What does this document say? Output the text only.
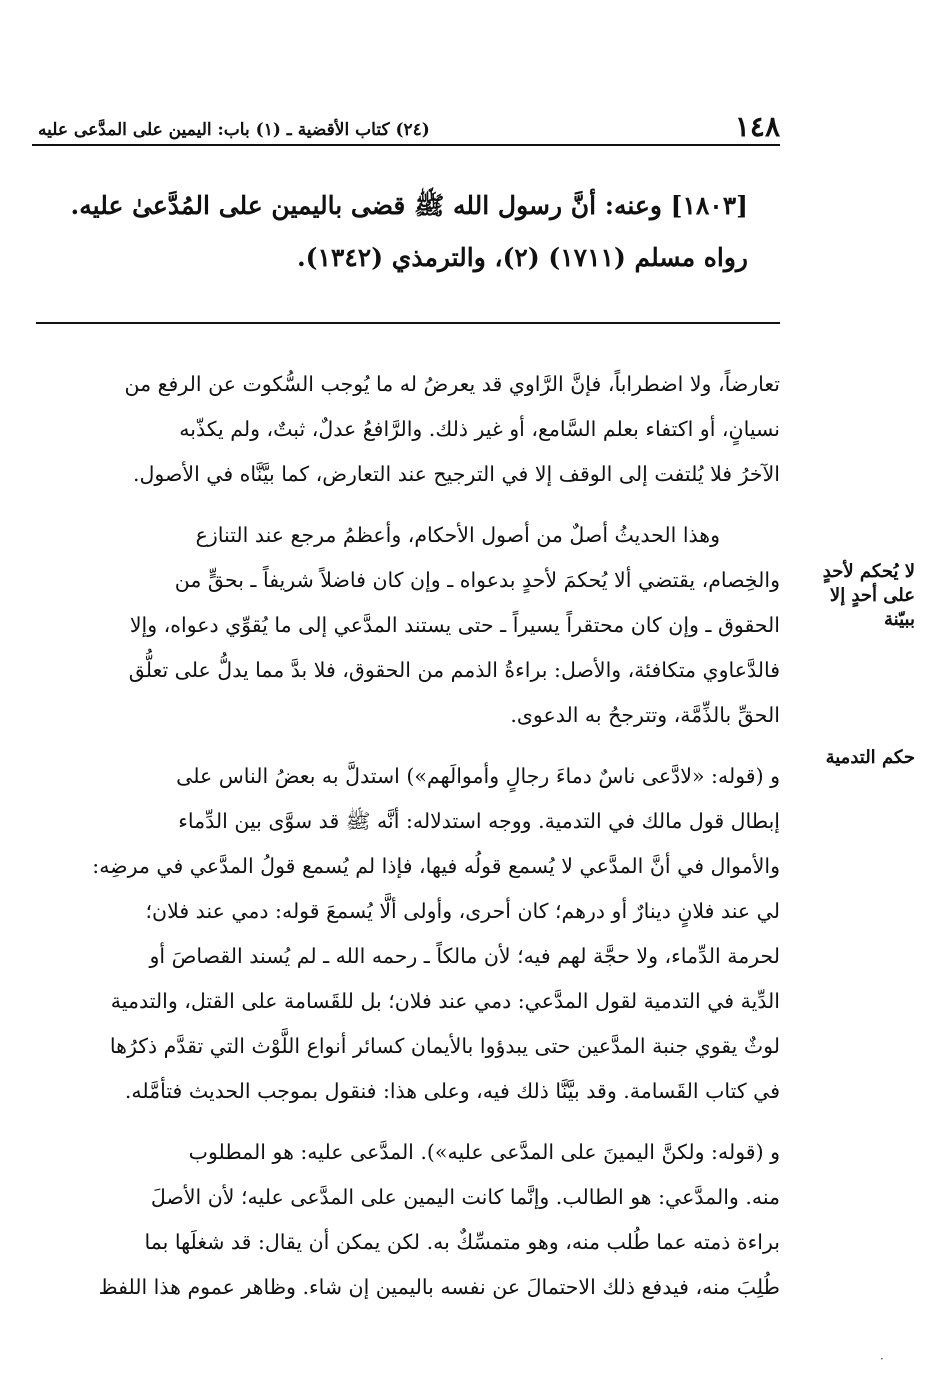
١٤٨
(٢٤) كتاب الأقضية ـ (١) باب: اليمين على المدَّعى عليه

[١٨٠٣] وعنه: أنَّ رسول الله ﷺ قضى باليمين على المُدَّعىٰ عليه.

رواه مسلم (١٧١١) (٢)، والترمذي (١٣٤٢).

تعارضاً، ولا اضطراباً، فإنَّ الرَّاوي قد يعرضُ له ما يُوجب السُّكوت عن الرفع من
نسيانٍ، أو اكتفاء بعلم السَّامع، أو غير ذلك. والرَّافعُ عدلٌ، ثبتٌ، ولم يكذّبه
الآخرُ فلا يُلتفت إلى الوقف إلا في الترجيح عند التعارض، كما بيَّنَّاه في الأصول.
وهذا الحديثُ أصلٌ من أصول الأحكام، وأعظمُ مرجع عند التنازع
والخِصام، يقتضي ألا يُحكمَ لأحدٍ بدعواه ـ وإن كان فاضلاً شريفاً ـ بحقٍّ من
الحقوق ـ وإن كان محتقراً يسيراً ـ حتى يستند المدَّعي إلى ما يُقوِّي دعواه، وإلا
فالدَّعاوي متكافئة، والأصل: براءةُ الذمم من الحقوق، فلا بدَّ مما يدلُّ على تعلُّق
الحقِّ بالذِّمَّة، وتترجحُ به الدعوى.
و (قوله: «لادَّعى ناسٌ دماءَ رجالٍ وأموالَهم») استدلَّ به بعضُ الناس على
إبطال قول مالك في التدمية. ووجه استدلاله: أنَّه ﷺ قد سوَّى بين الدِّماء
والأموال في أنَّ المدَّعي لا يُسمع قولُه فيها، فإذا لم يُسمع قولُ المدَّعي في مرضِه:
لي عند فلانٍ دينارٌ أو درهم؛ كان أحرى، وأولى ألَّا يُسمعَ قوله: دمي عند فلان؛
لحرمة الدِّماء، ولا حجَّة لهم فيه؛ لأن مالكاً ـ رحمه الله ـ لم يُسند القصاصَ أو
الدِّية في التدمية لقول المدَّعي: دمي عند فلان؛ بل للقَسامة على القتل، والتدمية
لوثٌ يقوي جنبة المدَّعين حتى يبدؤوا بالأيمان كسائر أنواع اللَّوْث التي تقدَّم ذكرُها
في كتاب القَسامة. وقد بيَّنَّا ذلك فيه، وعلى هذا: فنقول بموجب الحديث فتأمَّله.
و (قوله: ولكنَّ اليمينَ على المدَّعى عليه»). المدَّعى عليه: هو المطلوب
منه. والمدَّعي: هو الطالب. وإنَّما كانت اليمين على المدَّعى عليه؛ لأن الأصلَ
براءة ذمته عما طُلب منه، وهو متمسِّكٌ به. لكن يمكن أن يقال: قد شغلَها بما
طُلِبَ منه، فيدفع ذلك الاحتمالَ عن نفسه باليمين إن شاء. وظاهر عموم هذا اللفظ
لا يُحكم لأحدٍ على أحدٍ إلا ببيّنة
حكم التدمية
·
